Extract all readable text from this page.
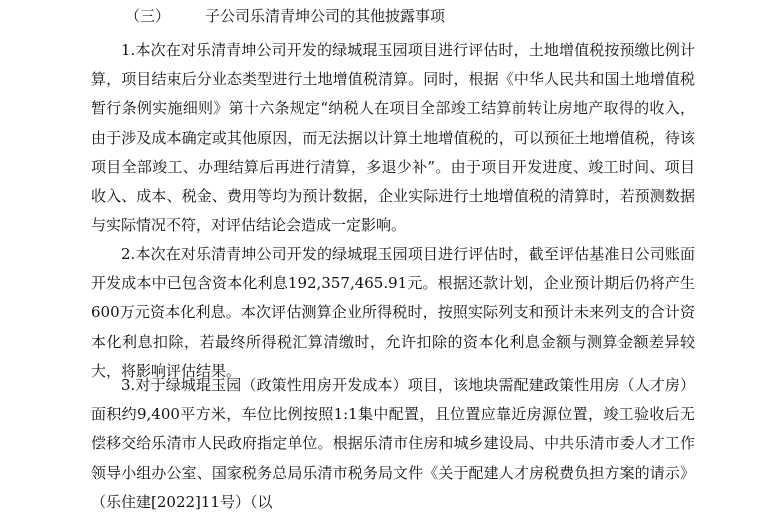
（三） 子公司乐清青坤公司的其他披露事项

1.本次在对乐清青坤公司开发的绿城琨玉园项目进行评估时，土地增值税按预缴比例计算，项目结束后分业态类型进行土地增值税清算。同时，根据《中华人民共和国土地增值税暂行条例实施细则》第十六条规定“纳税人在项目全部竣工结算前转让房地产取得的收入，由于涉及成本确定或其他原因，而无法据以计算土地增值税的，可以预征土地增值税，待该项目全部竣工、办理结算后再进行清算，多退少补”。由于项目开发进度、竣工时间、项目收入、成本、税金、费用等均为预计数据，企业实际进行土地增值税的清算时，若预测数据与实际情况不符，对评估结论会造成一定影响。

2.本次在对乐清青坤公司开发的绿城琨玉园项目进行评估时，截至评估基准日公司账面开发成本中已包含资本化利息192,357,465.91元。根据还款计划，企业预计期后仍将产生600万元资本化利息。本次评估测算企业所得税时，按照实际列支和预计未来列支的合计资本化利息扣除，若最终所得税汇算清缴时，允许扣除的资本化利息金额与测算金额差异较大，将影响评估结果。

3.对于绿城琨玉园（政策性用房开发成本）项目，该地块需配建政策性用房（人才房）面积约9,400平方米，车位比例按照1:1集中配置，且位置应靠近房源位置，竣工验收后无偿移交给乐清市人民政府指定单位。根据乐清市住房和城乡建设局、中共乐清市委人才工作领导小组办公室、国家税务总局乐清市税务局文件《关于配建人才房税费负担方案的请示》（乐住建[2022]11号）（以
